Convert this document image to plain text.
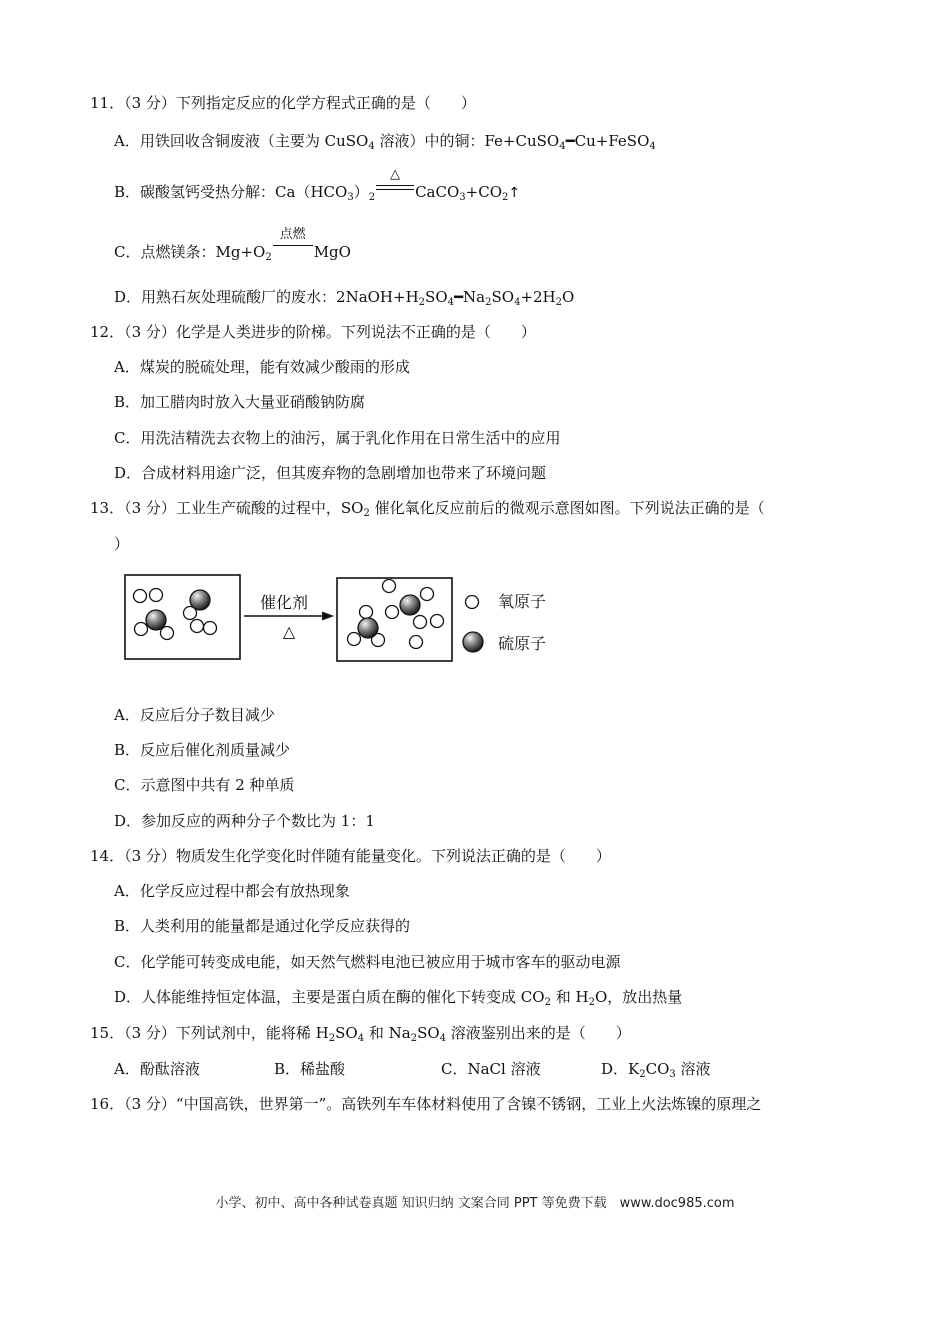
11．（3 分）下列指定反应的化学方程式正确的是（　　）
A．用铁回收含铜废液（主要为 CuSO$_4$ 溶液）中的铜：Fe+CuSO$_4$━Cu+FeSO$_4$
B．碳酸氢钙受热分解：$Ca(HCO_3)_2$
△
$CaCO_3+CO_2↑$
C．点燃镁条：$Mg+O_2$
点燃
MgO
D．用熟石灰处理硫酸厂的废水：$2NaOH+H_2SO_4━Na_2SO_4+2H_2O$
12．（3 分）化学是人类进步的阶梯。下列说法不正确的是（　　）
A．煤炭的脱硫处理，能有效减少酸雨的形成
B．加工腊肉时放入大量亚硝酸钠防腐
C．用洗洁精洗去衣物上的油污，属于乳化作用在日常生活中的应用
D．合成材料用途广泛，但其废弃物的急剧增加也带来了环境问题
13．（3 分）工业生产硫酸的过程中，$SO_2$ 催化氧化反应前后的微观示意图如图。下列说法正确的是（
）
催化剂
△
氧原子
硫原子
A．反应后分子数目减少
B．反应后催化剂质量减少
C．示意图中共有 2 种单质
D．参加反应的两种分子个数比为 1：1
14．（3 分）物质发生化学变化时伴随有能量变化。下列说法正确的是（　　）
A．化学反应过程中都会有放热现象
B．人类利用的能量都是通过化学反应获得的
C．化学能可转变成电能，如天然气燃料电池已被应用于城市客车的驱动电源
D．人体能维持恒定体温，主要是蛋白质在酶的催化下转变成 $CO_2$ 和 $H_2O$，放出热量
15．（3 分）下列试剂中，能将稀 $H_2SO_4$ 和 $Na_2SO_4$ 溶液鉴别出来的是（　　）
A．酚酞溶液	B．稀盐酸	C．NaCl 溶液	D．$K_2CO_3$ 溶液
16．（3 分）“中国高铁，世界第一”。高铁列车车体材料使用了含镍不锈钢，工业上火法炼镍的原理之
小学、初中、高中各种试卷真题 知识归纳 文案合同 PPT 等免费下载　www.doc985.com
